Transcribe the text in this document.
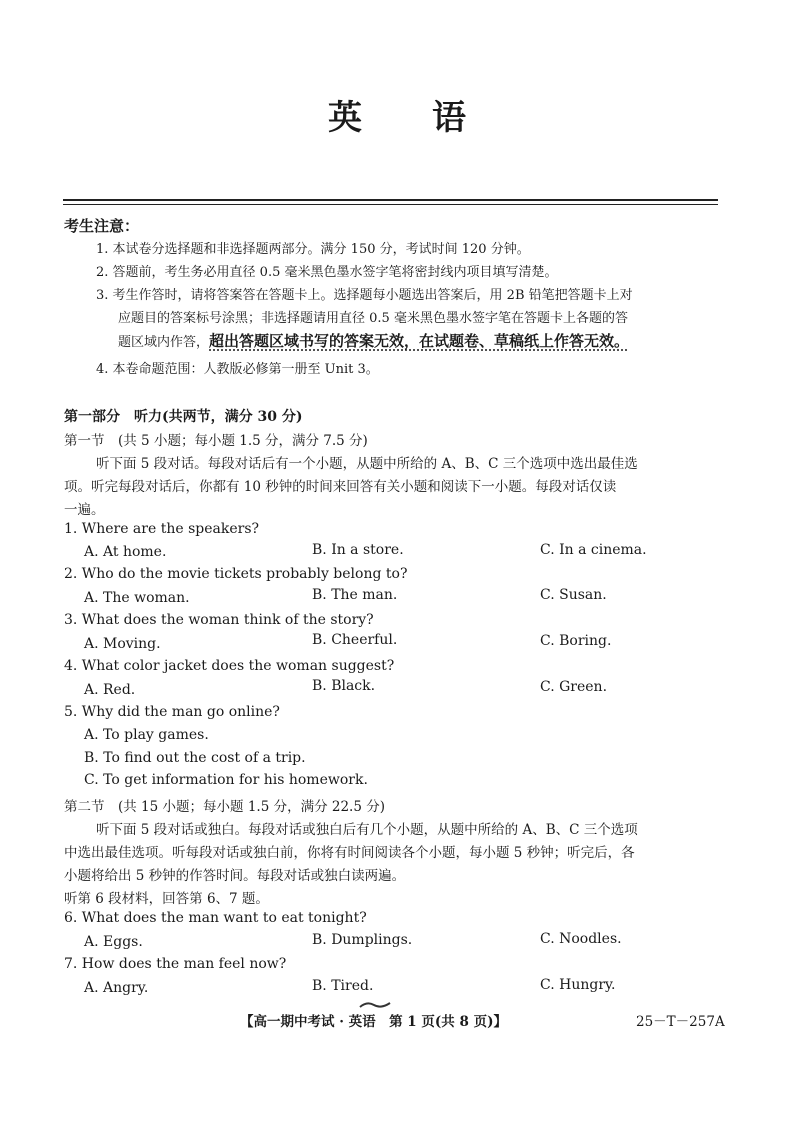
英 语
考生注意：
1. 本试卷分选择题和非选择题两部分。满分 150 分，考试时间 120 分钟。
2. 答题前，考生务必用直径 0.5 毫米黑色墨水签字笔将密封线内项目填写清楚。
3. 考生作答时，请将答案答在答题卡上。选择题每小题选出答案后，用 2B 铅笔把答题卡上对
应题目的答案标号涂黑；非选择题请用直径 0.5 毫米黑色墨水签字笔在答题卡上各题的答
题区域内作答，超出答题区域书写的答案无效，在试题卷、草稿纸上作答无效。
4. 本卷命题范围：人教版必修第一册至 Unit 3。
第一部分　听力(共两节，满分 30 分)
第一节　(共 5 小题；每小题 1.5 分，满分 7.5 分)
听下面 5 段对话。每段对话后有一个小题，从题中所给的 A、B、C 三个选项中选出最佳选
项。听完每段对话后，你都有 10 秒钟的时间来回答有关小题和阅读下一小题。每段对话仅读
一遍。
1. Where are the speakers?
A. At home.	B. In a store.	C. In a cinema.
2. Who do the movie tickets probably belong to?
A. The woman.	B. The man.	C. Susan.
3. What does the woman think of the story?
A. Moving.	B. Cheerful.	C. Boring.
4. What color jacket does the woman suggest?
A. Red.	B. Black.	C. Green.
5. Why did the man go online?
A. To play games.
B. To find out the cost of a trip.
C. To get information for his homework.
第二节　(共 15 小题；每小题 1.5 分，满分 22.5 分)
听下面 5 段对话或独白。每段对话或独白后有几个小题，从题中所给的 A、B、C 三个选项
中选出最佳选项。听每段对话或独白前，你将有时间阅读各个小题，每小题 5 秒钟；听完后，各
小题将给出 5 秒钟的作答时间。每段对话或独白读两遍。
听第 6 段材料，回答第 6、7 题。
6. What does the man want to eat tonight?
A. Eggs.	B. Dumplings.	C. Noodles.
7. How does the man feel now?
A. Angry.	B. Tired.	C. Hungry.
【高一期中考试 · 英语　第 1 页(共 8 页)】	25－T－257A
